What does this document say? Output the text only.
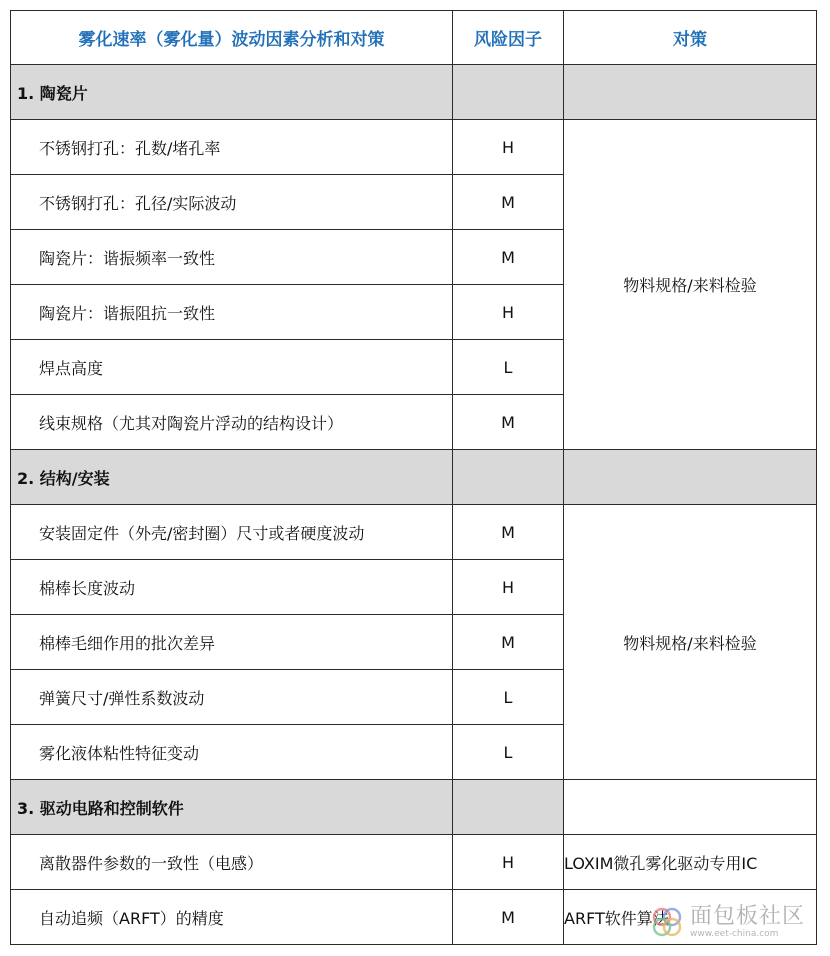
雾化速率（雾化量）波动因素分析和对策	风险因子	对策
1. 陶瓷片		
不锈钢打孔：孔数/堵孔率	H	物料规格/来料检验
不锈钢打孔：孔径/实际波动	M	
陶瓷片：谐振频率一致性	M	
陶瓷片：谐振阻抗一致性	H	
焊点高度	L	
线束规格（尤其对陶瓷片浮动的结构设计）	M	
2. 结构/安装		
安装固定件（外壳/密封圈）尺寸或者硬度波动	M	物料规格/来料检验
棉棒长度波动	H	
棉棒毛细作用的批次差异	M	
弹簧尺寸/弹性系数波动	L	
雾化液体粘性特征变动	L	
3. 驱动电路和控制软件		
离散器件参数的一致性（电感）	H	LOXIM微孔雾化驱动专用IC
自动追频（ARFT）的精度	M	ARFT软件算法 面包板社区
www.eet-china.com
